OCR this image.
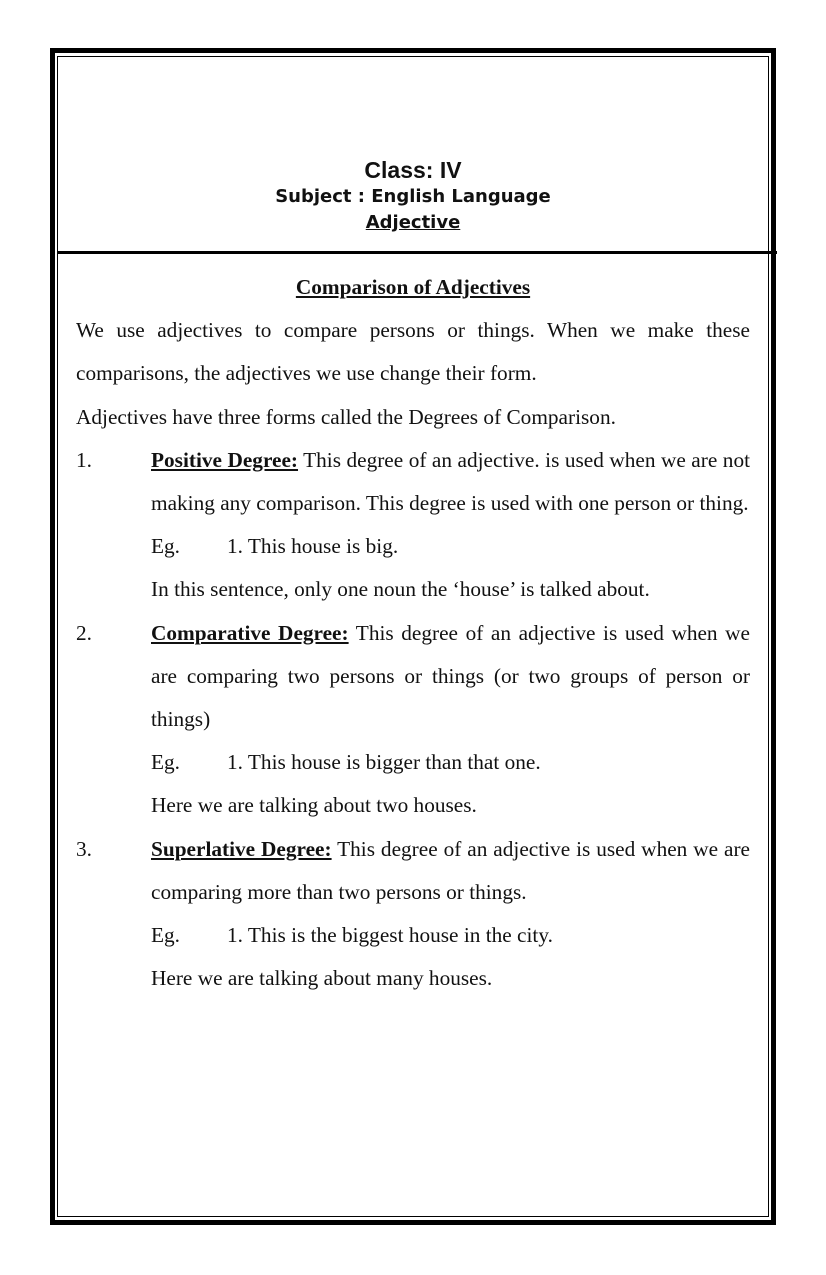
Class: IV
Subject : English Language
Adjective

Comparison of Adjectives

We use adjectives to compare persons or things. When we make these comparisons, the adjectives we use change their form.

Adjectives have three forms called the Degrees of Comparison.

1.	Positive Degree: This degree of an adjective. is used when we are not making any comparison. This degree is used with one person or thing.

Eg. 1. This house is big.

In this sentence, only one noun the ‘house’ is talked about.

2.	Comparative Degree: This degree of an adjective is used when we are comparing two persons or things (or two groups of person or things)

Eg. 1. This house is bigger than that one.

Here we are talking about two houses.

3.	Superlative Degree: This degree of an adjective is used when we are comparing more than two persons or things.

Eg. 1. This is the biggest house in the city.

Here we are talking about many houses.
